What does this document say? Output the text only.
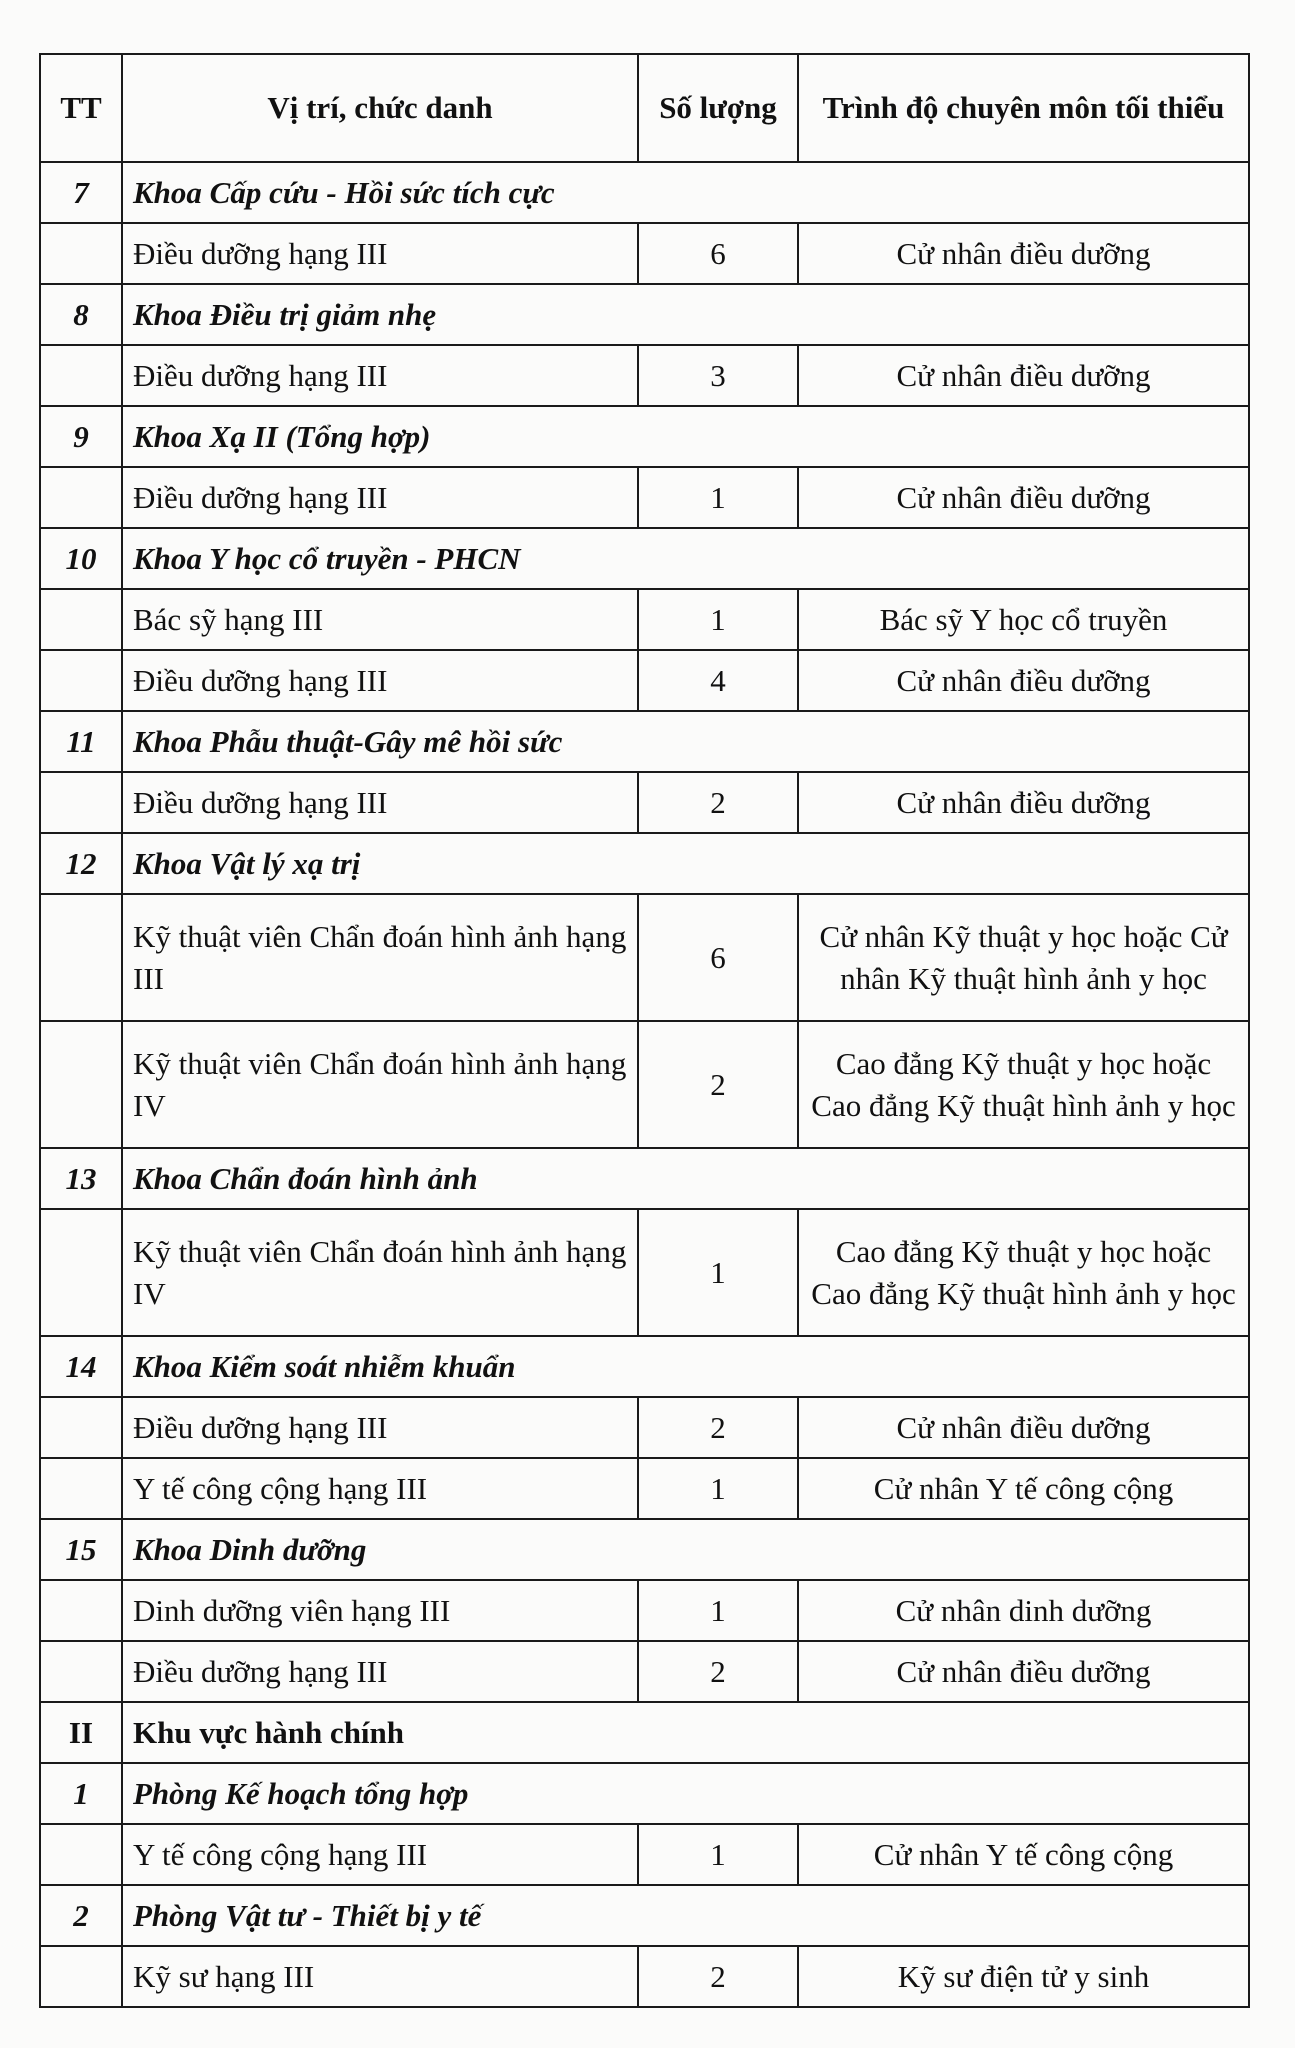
TT	Vị trí, chức danh	Số lượng	Trình độ chuyên môn tối thiểu
7	Khoa Cấp cứu - Hồi sức tích cực		
	Điều dưỡng hạng III	6	Cử nhân điều dưỡng
8	Khoa Điều trị giảm nhẹ		
	Điều dưỡng hạng III	3	Cử nhân điều dưỡng
9	Khoa Xạ II (Tổng hợp)		
	Điều dưỡng hạng III	1	Cử nhân điều dưỡng
10	Khoa Y học cổ truyền - PHCN		
	Bác sỹ hạng III	1	Bác sỹ Y học cổ truyền
	Điều dưỡng hạng III	4	Cử nhân điều dưỡng
11	Khoa Phẫu thuật-Gây mê hồi sức		
	Điều dưỡng hạng III	2	Cử nhân điều dưỡng
12	Khoa Vật lý xạ trị		
	Kỹ thuật viên Chẩn đoán hình ảnh hạng III	6	Cử nhân Kỹ thuật y học hoặc Cử nhân Kỹ thuật hình ảnh y học
	Kỹ thuật viên Chẩn đoán hình ảnh hạng IV	2	Cao đẳng Kỹ thuật y học hoặc Cao đẳng Kỹ thuật hình ảnh y học
13	Khoa Chẩn đoán hình ảnh		
	Kỹ thuật viên Chẩn đoán hình ảnh hạng IV	1	Cao đẳng Kỹ thuật y học hoặc Cao đẳng Kỹ thuật hình ảnh y học
14	Khoa Kiểm soát nhiễm khuẩn		
	Điều dưỡng hạng III	2	Cử nhân điều dưỡng
	Y tế công cộng hạng III	1	Cử nhân Y tế công cộng
15	Khoa Dinh dưỡng		
	Dinh dưỡng viên hạng III	1	Cử nhân dinh dưỡng
	Điều dưỡng hạng III	2	Cử nhân điều dưỡng
II	Khu vực hành chính		
1	Phòng Kế hoạch tổng hợp		
	Y tế công cộng hạng III	1	Cử nhân Y tế công cộng
2	Phòng Vật tư - Thiết bị y tế		
	Kỹ sư hạng III	2	Kỹ sư điện tử y sinh
